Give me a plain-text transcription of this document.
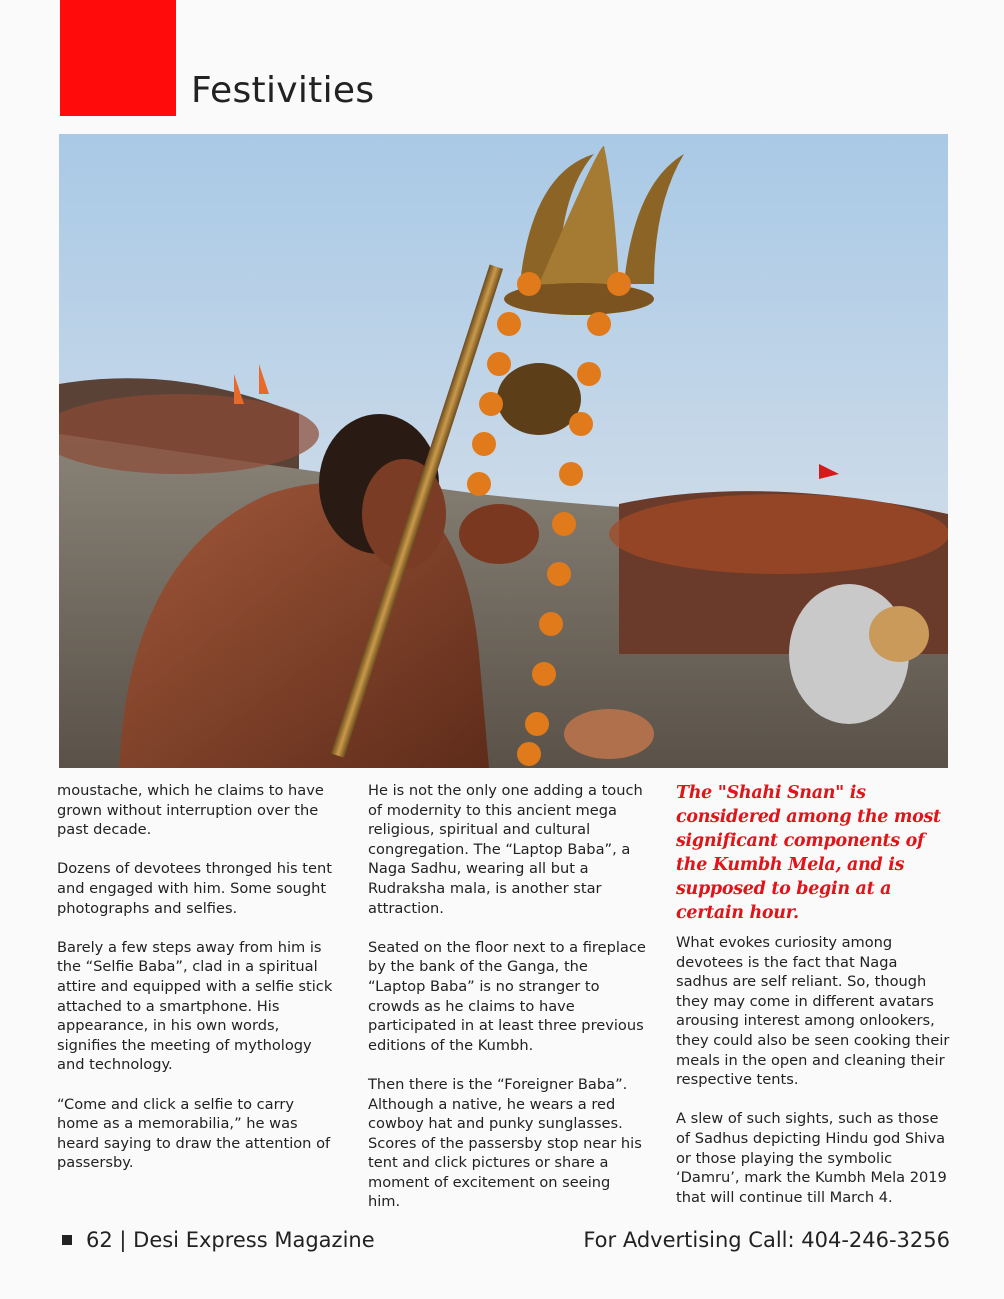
Festivities

moustache, which he claims to have grown without interruption over the past decade.

Dozens of devotees thronged his tent and engaged with him. Some sought photographs and selfies.

Barely a few steps away from him is the “Selfie Baba”, clad in a spiritual attire and equipped with a selfie stick attached to a smartphone. His appearance, in his own words, signifies the meeting of mythology and technology.

“Come and click a selfie to carry home as a memorabilia,” he was heard saying to draw the attention of passersby.

He is not the only one adding a touch of modernity to this ancient mega religious, spiritual and cultural congregation. The “Laptop Baba”, a Naga Sadhu, wearing all but a Rudraksha mala, is another star attraction.

Seated on the floor next to a fireplace by the bank of the Ganga, the “Laptop Baba” is no stranger to crowds as he claims to have participated in at least three previous editions of the Kumbh.

Then there is the “Foreigner Baba”. Although a native, he wears a red cowboy hat and punky sunglasses. Scores of the passersby stop near his tent and click pictures or share a moment of excitement on seeing him.

The "Shahi Snan" is considered among the most significant components of the Kumbh Mela, and is supposed to begin at a certain hour.

What evokes curiosity among devotees is the fact that Naga sadhus are self reliant. So, though they may come in different avatars arousing interest among onlookers, they could also be seen cooking their meals in the open and cleaning their respective tents.

A slew of such sights, such as those of Sadhus depicting Hindu god Shiva or those playing the symbolic ‘Damru’, mark the Kumbh Mela 2019 that will continue till March 4.

62 | Desi Express Magazine	For Advertising Call: 404-246-3256
